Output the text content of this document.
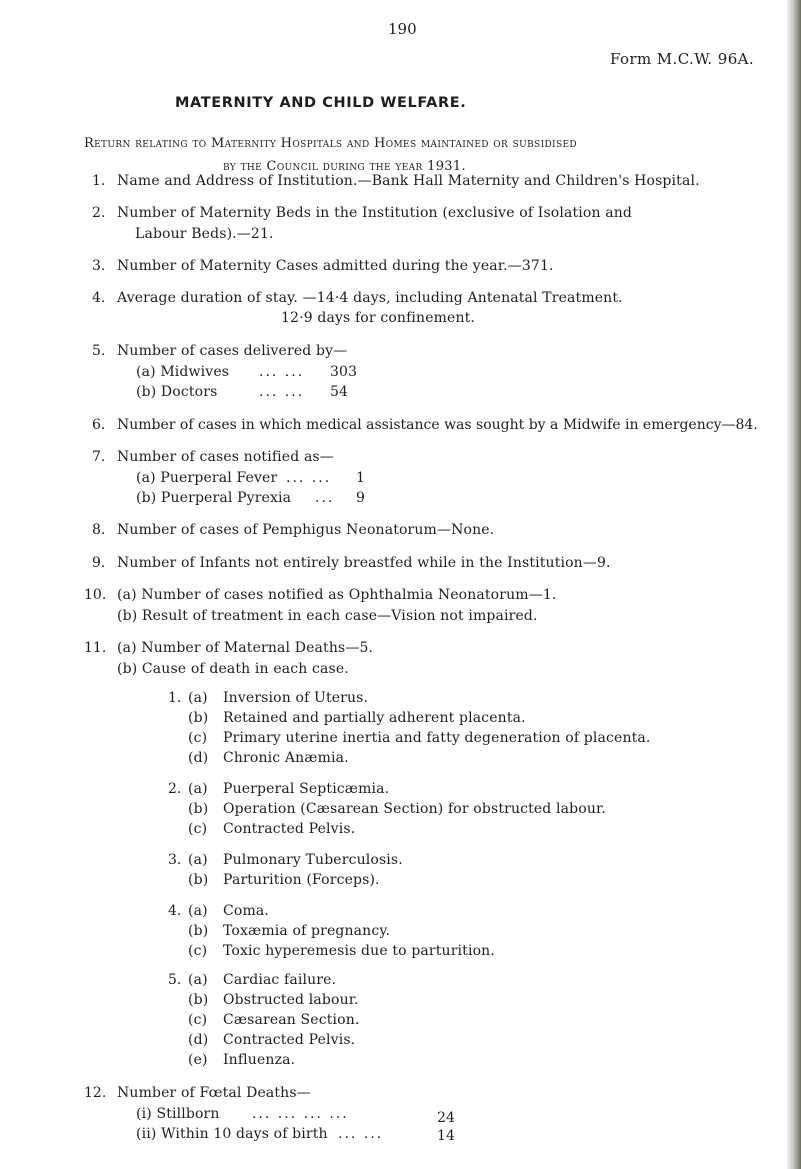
190
Form M.C.W. 96A.
MATERNITY AND CHILD WELFARE.
Return relating to Maternity Hospitals and Homes maintained or subsidised
by the Council during the year 1931.
1. Name and Address of Institution.—Bank Hall Maternity and Children's Hospital.
2. Number of Maternity Beds in the Institution (exclusive of Isolation and
Labour Beds).—21.
3. Number of Maternity Cases admitted during the year.—371.
4. Average duration of stay. —14·4 days, including Antenatal Treatment.
12·9 days for confinement.
5. Number of cases delivered by—
(a) Midwives ... ... 303
(b) Doctors	... ... 54
6. Number of cases in which medical assistance was sought by a Midwife in emergency—84.
7. Number of cases notified as—
(a) Puerperal Fever ... ... 1
(b) Puerperal Pyrexia ... 9
8. Number of cases of Pemphigus Neonatorum—None.
9. Number of Infants not entirely breastfed while in the Institution—9.
10. (a) Number of cases notified as Ophthalmia Neonatorum—1.
(b) Result of treatment in each case—Vision not impaired.
11. (a) Number of Maternal Deaths—5.
(b) Cause of death in each case.
1. (a) Inversion of Uterus.
(b) Retained and partially adherent placenta.
(c) Primary uterine inertia and fatty degeneration of placenta.
(d) Chronic Anæmia.
2. (a) Puerperal Septicæmia.
(b) Operation (Cæsarean Section) for obstructed labour.
(c) Contracted Pelvis.
3. (a) Pulmonary Tuberculosis.
(b) Parturition (Forceps).
4. (a) Coma.
(b) Toxæmia of pregnancy.
(c) Toxic hyperemesis due to parturition.
5. (a) Cardiac failure.
(b) Obstructed labour.
(c) Cæsarean Section.
(d) Contracted Pelvis.
(e) Influenza.
12. Number of Fœtal Deaths—
(i) Stillborn ... ... ... ...	24
(ii) Within 10 days of birth ... ...	14
